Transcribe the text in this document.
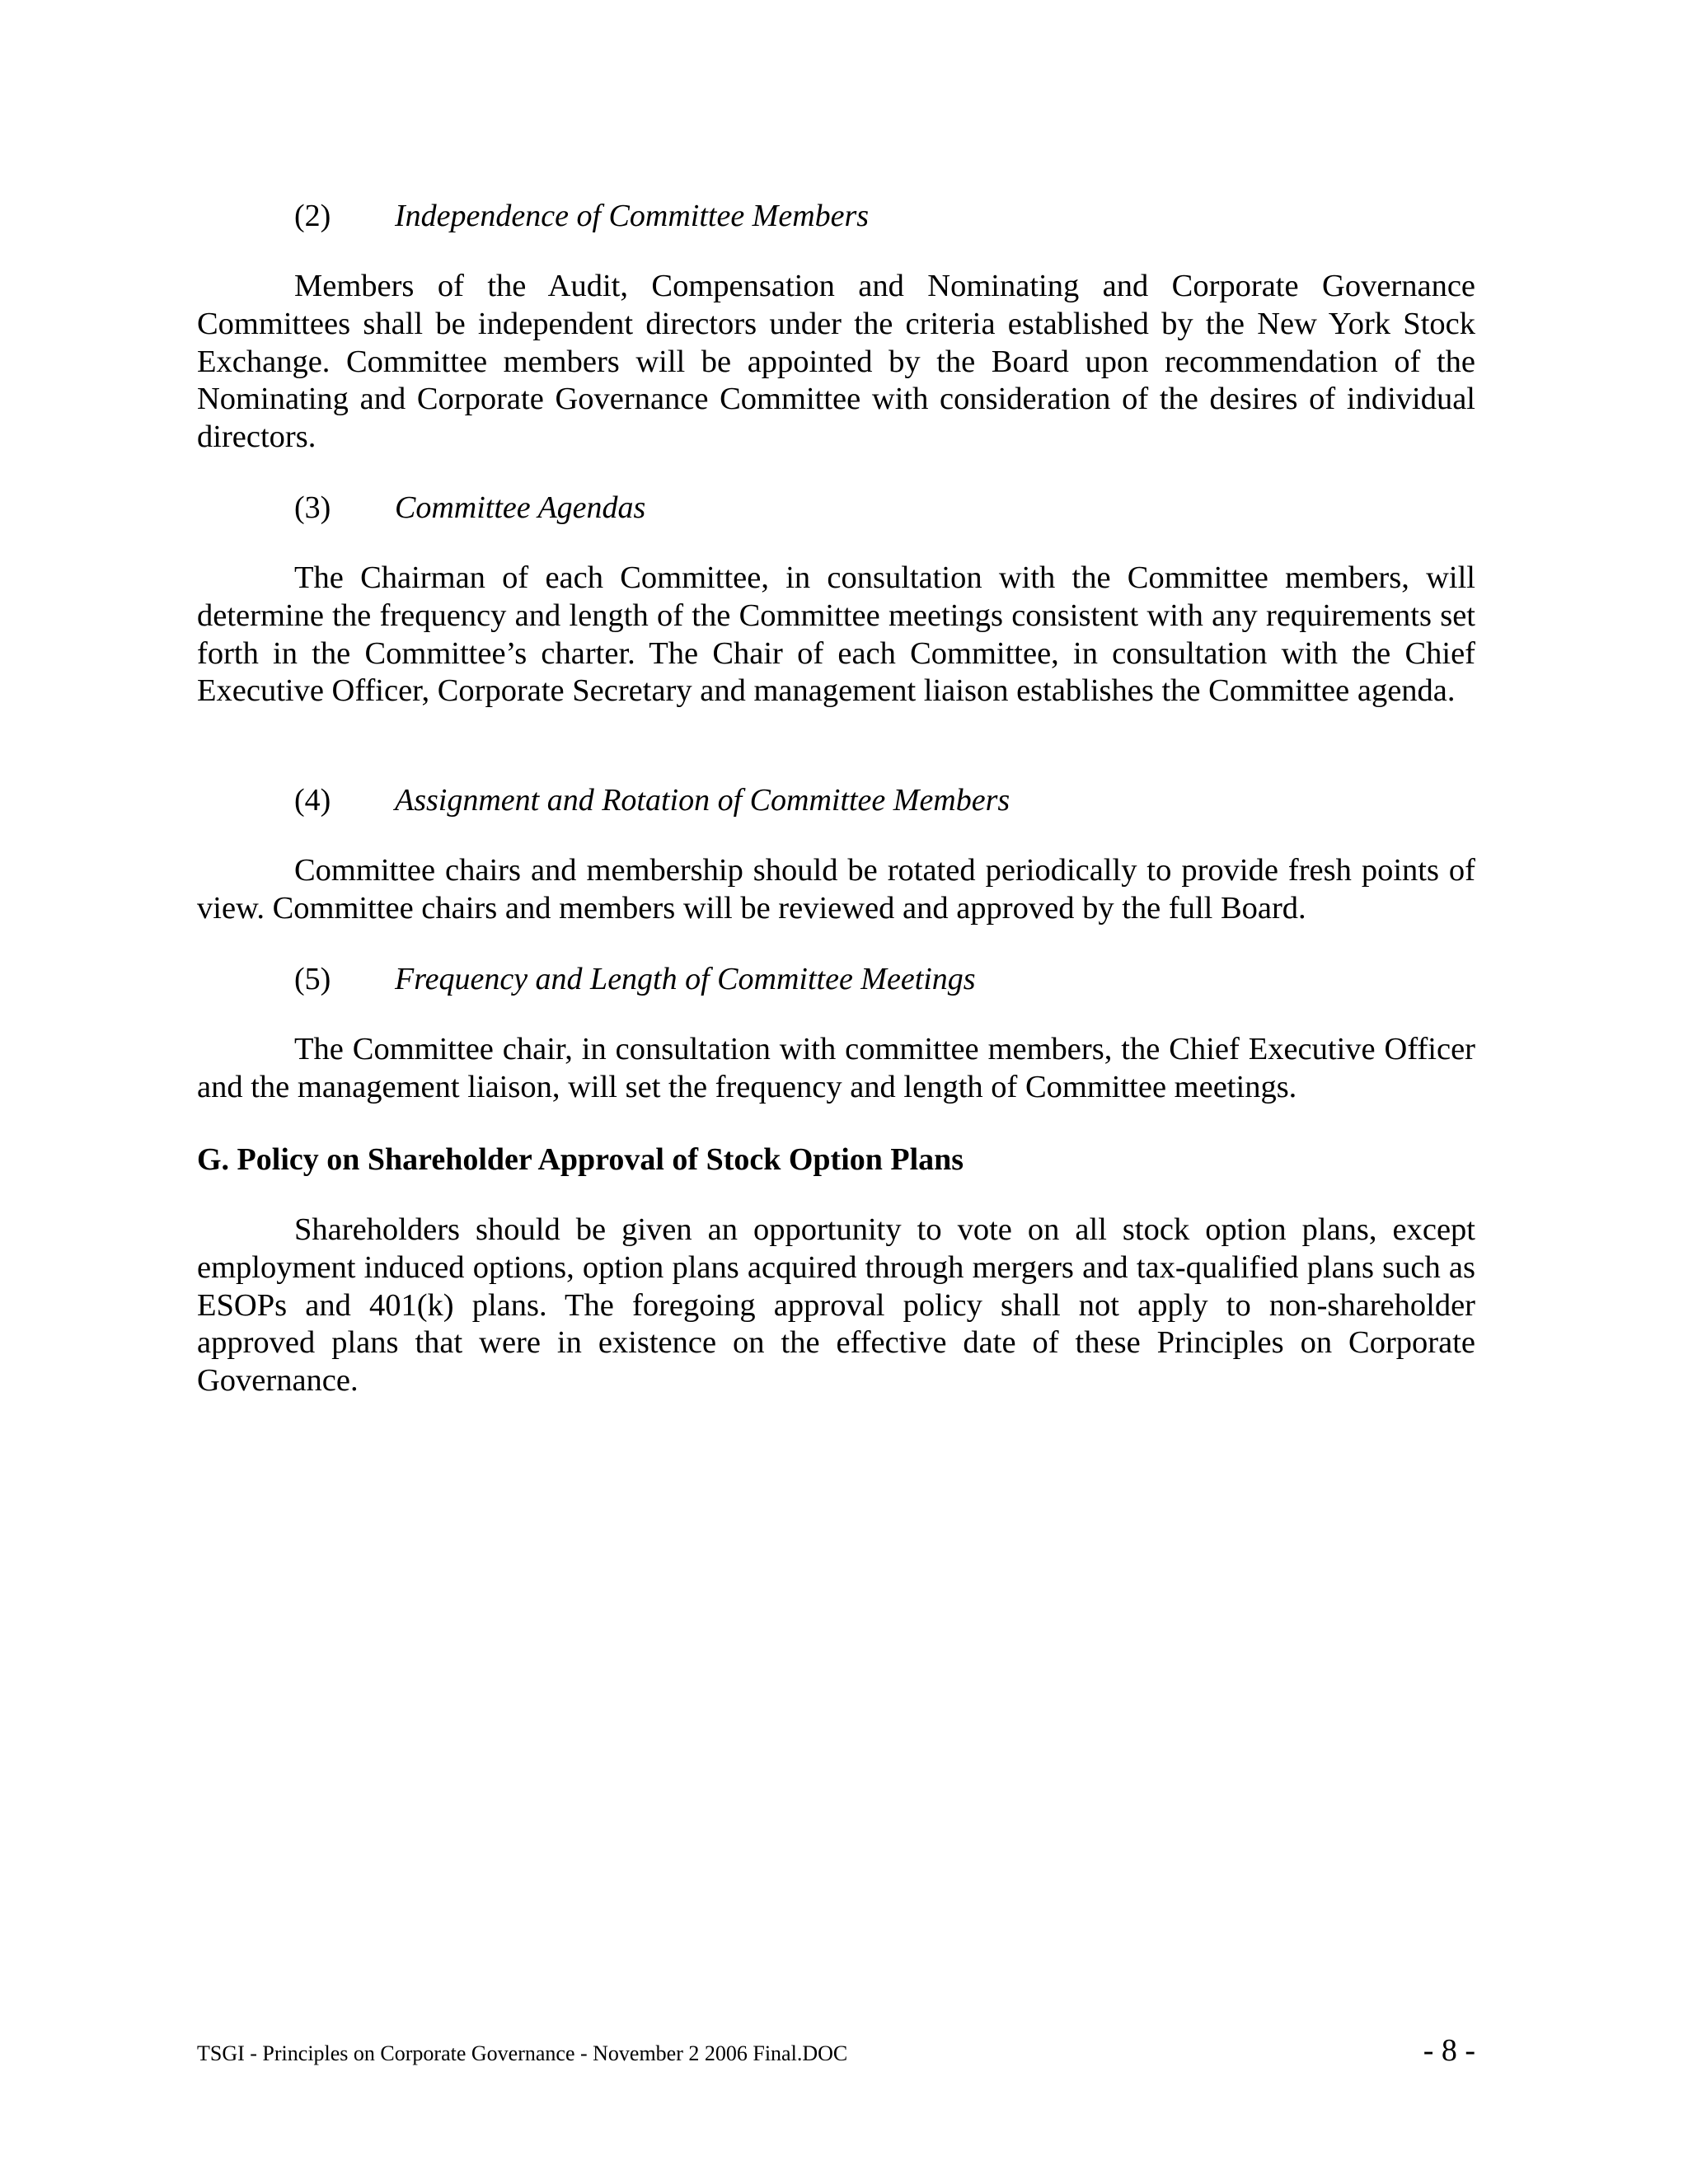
(2) Independence of Committee Members

Members of the Audit, Compensation and Nominating and Corporate Governance Committees shall be independent directors under the criteria established by the New York Stock Exchange. Committee members will be appointed by the Board upon recommendation of the Nominating and Corporate Governance Committee with consideration of the desires of individual directors.

(3) Committee Agendas

The Chairman of each Committee, in consultation with the Committee members, will determine the frequency and length of the Committee meetings consistent with any requirements set forth in the Committee’s charter. The Chair of each Committee, in consultation with the Chief Executive Officer, Corporate Secretary and management liaison establishes the Committee agenda.

(4) Assignment and Rotation of Committee Members

Committee chairs and membership should be rotated periodically to provide fresh points of view. Committee chairs and members will be reviewed and approved by the full Board.

(5) Frequency and Length of Committee Meetings

The Committee chair, in consultation with committee members, the Chief Executive Officer and the management liaison, will set the frequency and length of Committee meetings.

G. Policy on Shareholder Approval of Stock Option Plans

Shareholders should be given an opportunity to vote on all stock option plans, except employment induced options, option plans acquired through mergers and tax-qualified plans such as ESOPs and 401(k) plans. The foregoing approval policy shall not apply to non-shareholder approved plans that were in existence on the effective date of these Principles on Corporate Governance.

TSGI - Principles on Corporate Governance - November 2 2006 Final.DOC	- 8 -
